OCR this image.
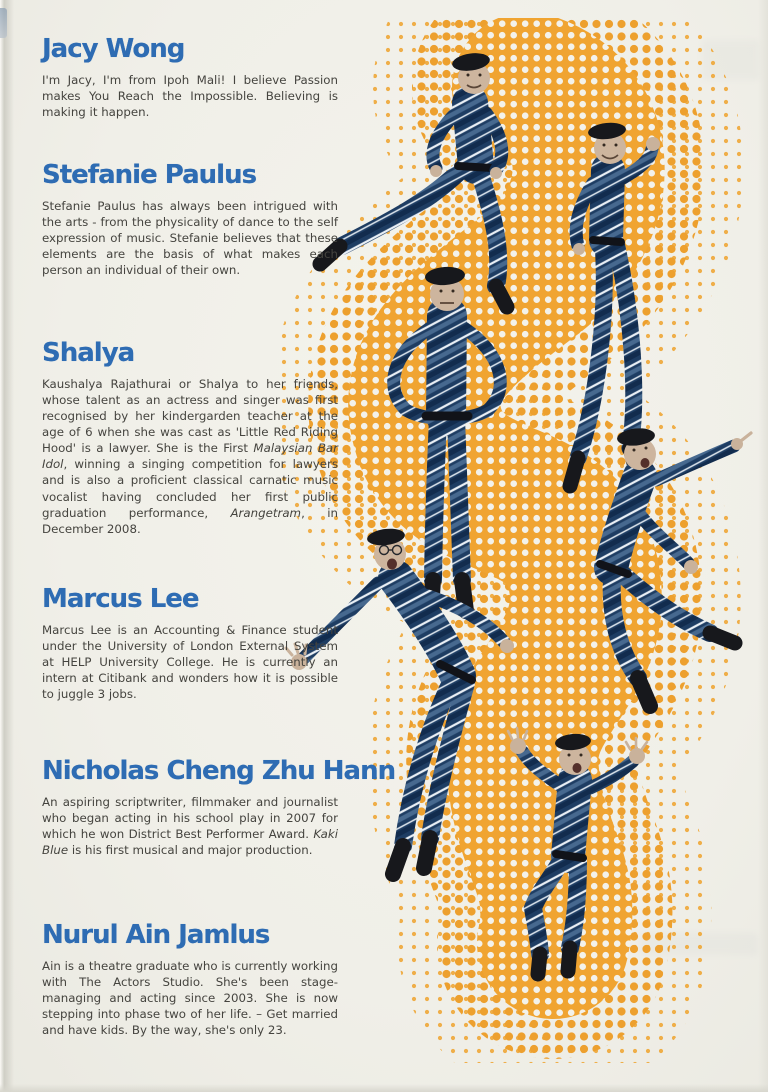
Jacy Wong

I'm Jacy, I'm from Ipoh Mali! I believe Passion makes You Reach the Impossible. Believing is making it happen.

Stefanie Paulus

Stefanie Paulus has always been intrigued with the arts - from the physicality of dance to the self expression of music. Stefanie believes that these elements are the basis of what makes each person an individual of their own.

Shalya

Kaushalya Rajathurai or Shalya to her friends, whose talent as an actress and singer was first recognised by her kindergarden teacher at the age of 6 when she was cast as 'Little Red Riding Hood' is a lawyer. She is the First Malaysian Bar Idol, winning a singing competition for lawyers and is also a proficient classical carnatic music vocalist having concluded her first public graduation performance, Arangetram, in December 2008.

Marcus Lee

Marcus Lee is an Accounting & Finance student under the University of London External System at HELP University College. He is currently an intern at Citibank and wonders how it is possible to juggle 3 jobs.

Nicholas Cheng Zhu Hann

An aspiring scriptwriter, filmmaker and journalist who began acting in his school play in 2007 for which he won District Best Performer Award. Kaki Blue is his first musical and major production.

Nurul Ain Jamlus

Ain is a theatre graduate who is currently working with The Actors Studio. She's been stage-managing and acting since 2003. She is now stepping into phase two of her life. – Get married and have kids. By the way, she's only 23.
